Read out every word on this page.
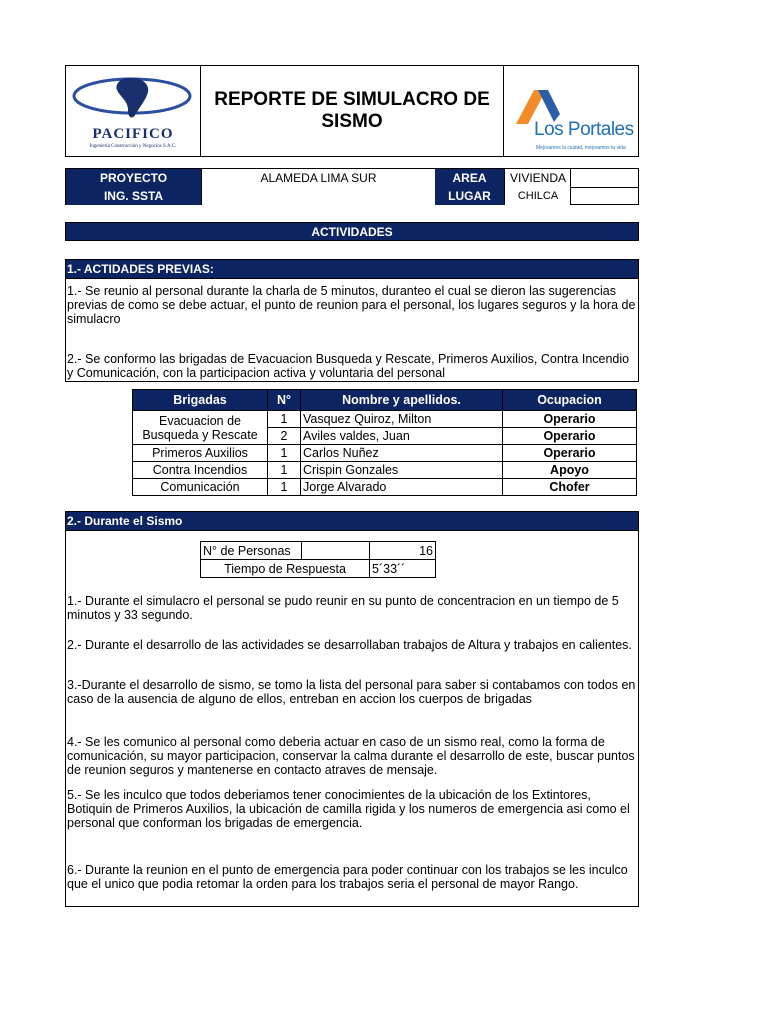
PACIFICO
Ingeniería Construcción y Negocios S.A.C.
REPORTE DE SIMULACRO DE SISMO	Los Portales
Mejoramos la ciudad, mejoramos tu vida
PROYECTO	ALAMEDA LIMA SUR	AREA	VIVIENDA
ING. SSTA	LUGAR	CHILCA
ACTIVIDADES
1.- ACTIDADES PREVIAS:
1.- Se reunio al personal durante la charla de 5 minutos, duranteo el cual se dieron las sugerencias previas de como se debe actuar, el punto de reunion para el personal, los lugares seguros y la hora de simulacro
2.- Se conformo las brigadas de Evacuacion Busqueda y Rescate, Primeros Auxilios, Contra Incendio y Comunicación, con la participacion activa y voluntaria del personal
Brigadas	N°	Nombre y apellidos.	Ocupacion
Evacuacion de Busqueda y Rescate	1	Vasquez Quiroz, Milton	Operario
	2	Aviles valdes, Juan	Operario
Primeros Auxilios	1	Carlos Nuñez	Operario
Contra Incendios	1	Crispin Gonzales	Apoyo
Comunicación	1	Jorge Alvarado	Chofer
2.- Durante el Sismo
1.- Durante el simulacro el personal se pudo reunir en su punto de concentracion en un tiempo de 5 minutos y 33 segundo.
2.- Durante el desarrollo de las actividades se desarrollaban trabajos de Altura y trabajos en calientes.
3.-Durante el desarrollo de sismo, se tomo la lista del personal para saber si contabamos con todos en caso de la ausencia de alguno de ellos, entreban en accion los cuerpos de brigadas
4.- Se les comunico al personal como deberia actuar en caso de un sismo real, como la forma de comunicación, su mayor participacion, conservar la calma durante el desarrollo de este, buscar puntos de reunion seguros y mantenerse en contacto atraves de mensaje.
5.- Se les inculco que todos deberiamos tener conocimientes de la ubicación de los Extintores, Botiquin de Primeros Auxilios, la ubicación de camilla rigida y los numeros de emergencia asi como el personal que conforman los brigadas de emergencia.
6.- Durante la reunion en el punto de emergencia para poder continuar con los trabajos se les inculco que el unico que podia retomar la orden para los trabajos seria el personal de mayor Rango.
N° de Personas		16
Tiempo de Respuesta		5´33´´
